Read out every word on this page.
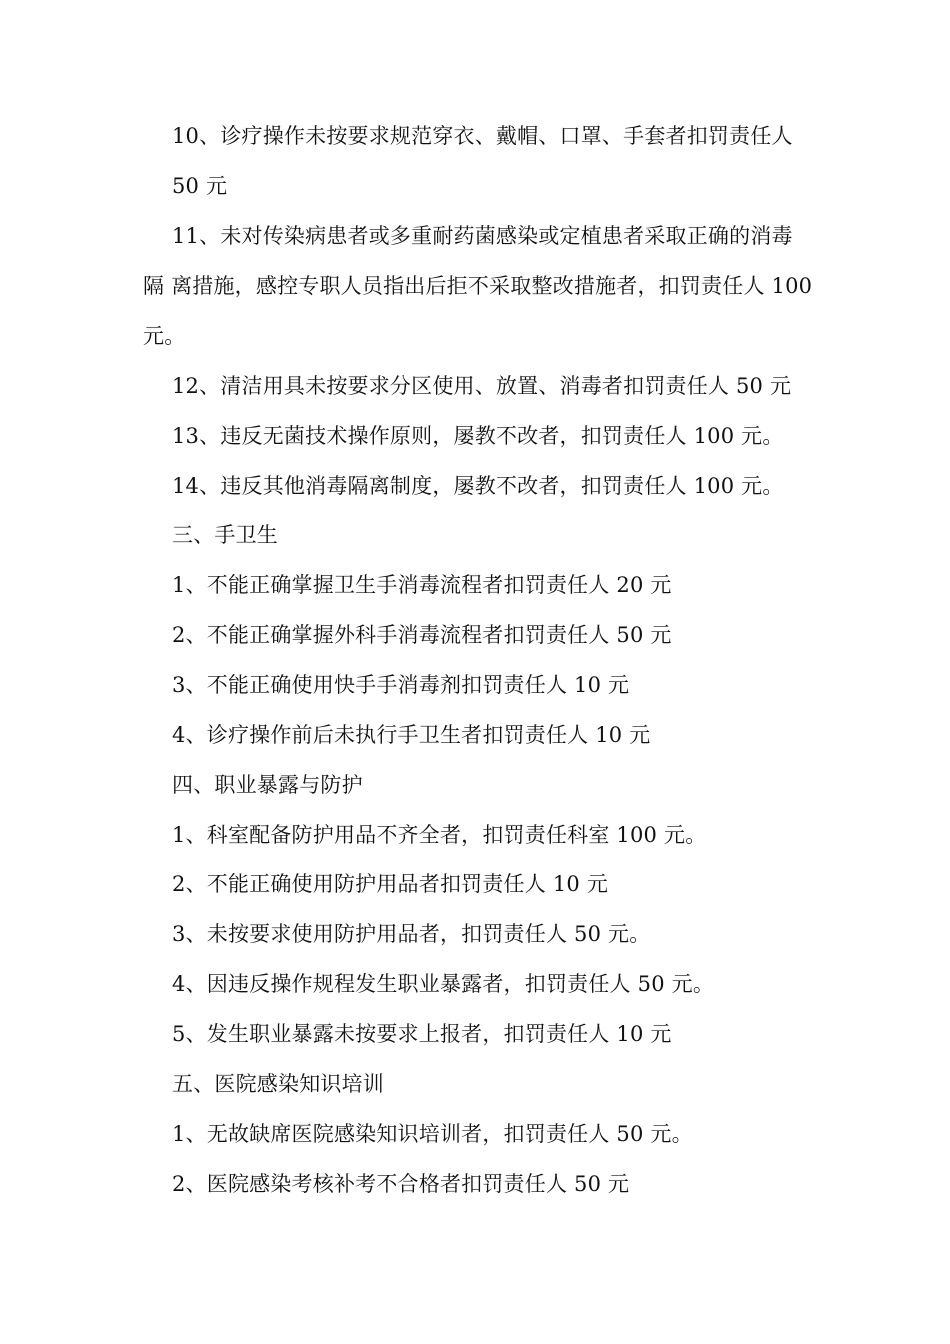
10、诊疗操作未按要求规范穿衣、戴帽、口罩、手套者扣罚责任人
50 元
11、未对传染病患者或多重耐药菌感染或定植患者采取正确的消毒
隔 离措施，感控专职人员指出后拒不采取整改措施者，扣罚责任人 100
元。
12、清洁用具未按要求分区使用、放置、消毒者扣罚责任人 50 元
13、违反无菌技术操作原则，屡教不改者，扣罚责任人 100 元。
14、违反其他消毒隔离制度，屡教不改者，扣罚责任人 100 元。
三、手卫生
1、不能正确掌握卫生手消毒流程者扣罚责任人 20 元
2、不能正确掌握外科手消毒流程者扣罚责任人 50 元
3、不能正确使用快手手消毒剂扣罚责任人 10 元
4、诊疗操作前后未执行手卫生者扣罚责任人 10 元
四、职业暴露与防护
1、科室配备防护用品不齐全者，扣罚责任科室 100 元。
2、不能正确使用防护用品者扣罚责任人 10 元
3、未按要求使用防护用品者，扣罚责任人 50 元。
4、因违反操作规程发生职业暴露者，扣罚责任人 50 元。
5、发生职业暴露未按要求上报者，扣罚责任人 10 元
五、医院感染知识培训
1、无故缺席医院感染知识培训者，扣罚责任人 50 元。
2、医院感染考核补考不合格者扣罚责任人 50 元
